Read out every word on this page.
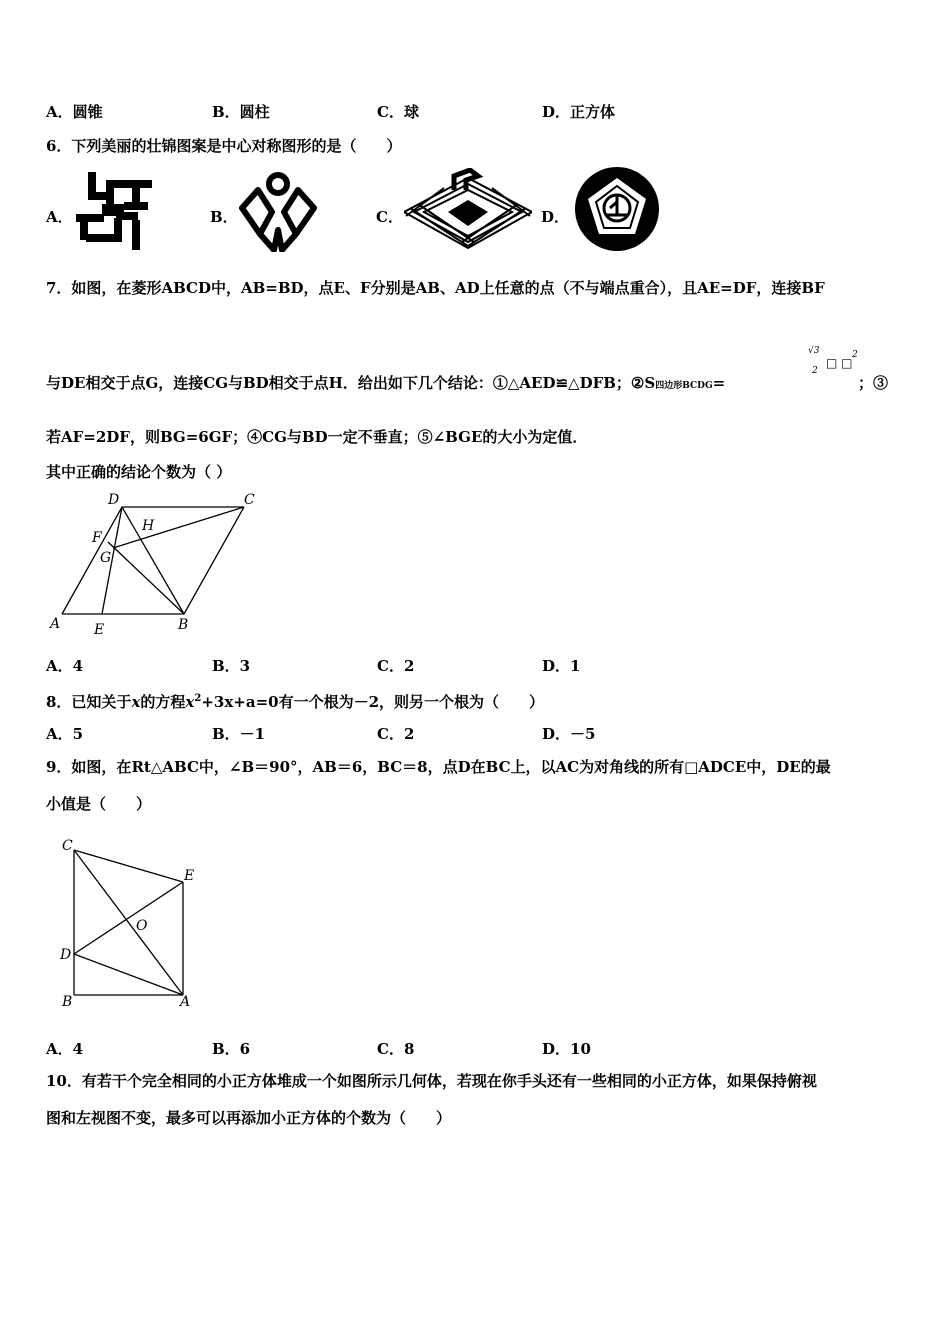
A．圆锥	B．圆柱	C．球	D．正方体
6．下列美丽的壮锦图案是中心对称图形的是（　　）
A．	B．	C．	D．
7．如图，在菱形ABCD中，AB=BD，点E、F分别是AB、AD上任意的点（不与端点重合），且AE=DF，连接BF
√3
2
□ □
2
与DE相交于点G，连接CG与BD相交于点H．给出如下几个结论：①△AED≌△DFB；②S四边形BCDG=	；③
若AF=2DF，则BG=6GF；④CG与BD一定不垂直；⑤∠BGE的大小为定值．
其中正确的结论个数为（ ）
D	C
H
F
G
A E	B
A．4	B．3	C．2	D．1
8．已知关于x的方程$x^2+3x+a=0$有一个根为－2，则另一个根为（　　）
A．5	B．－1	C．2	D．－5
9．如图，在Rt△ABC中，∠B＝90°，AB＝6，BC＝8，点D在BC上，以AC为对角线的所有□ADCE中，DE的最
小值是（　　）
C
E
O
D
B	A
A．4	B．6	C．8	D．10
10．有若干个完全相同的小正方体堆成一个如图所示几何体，若现在你手头还有一些相同的小正方体，如果保持俯视
图和左视图不变，最多可以再添加小正方体的个数为（　　）
